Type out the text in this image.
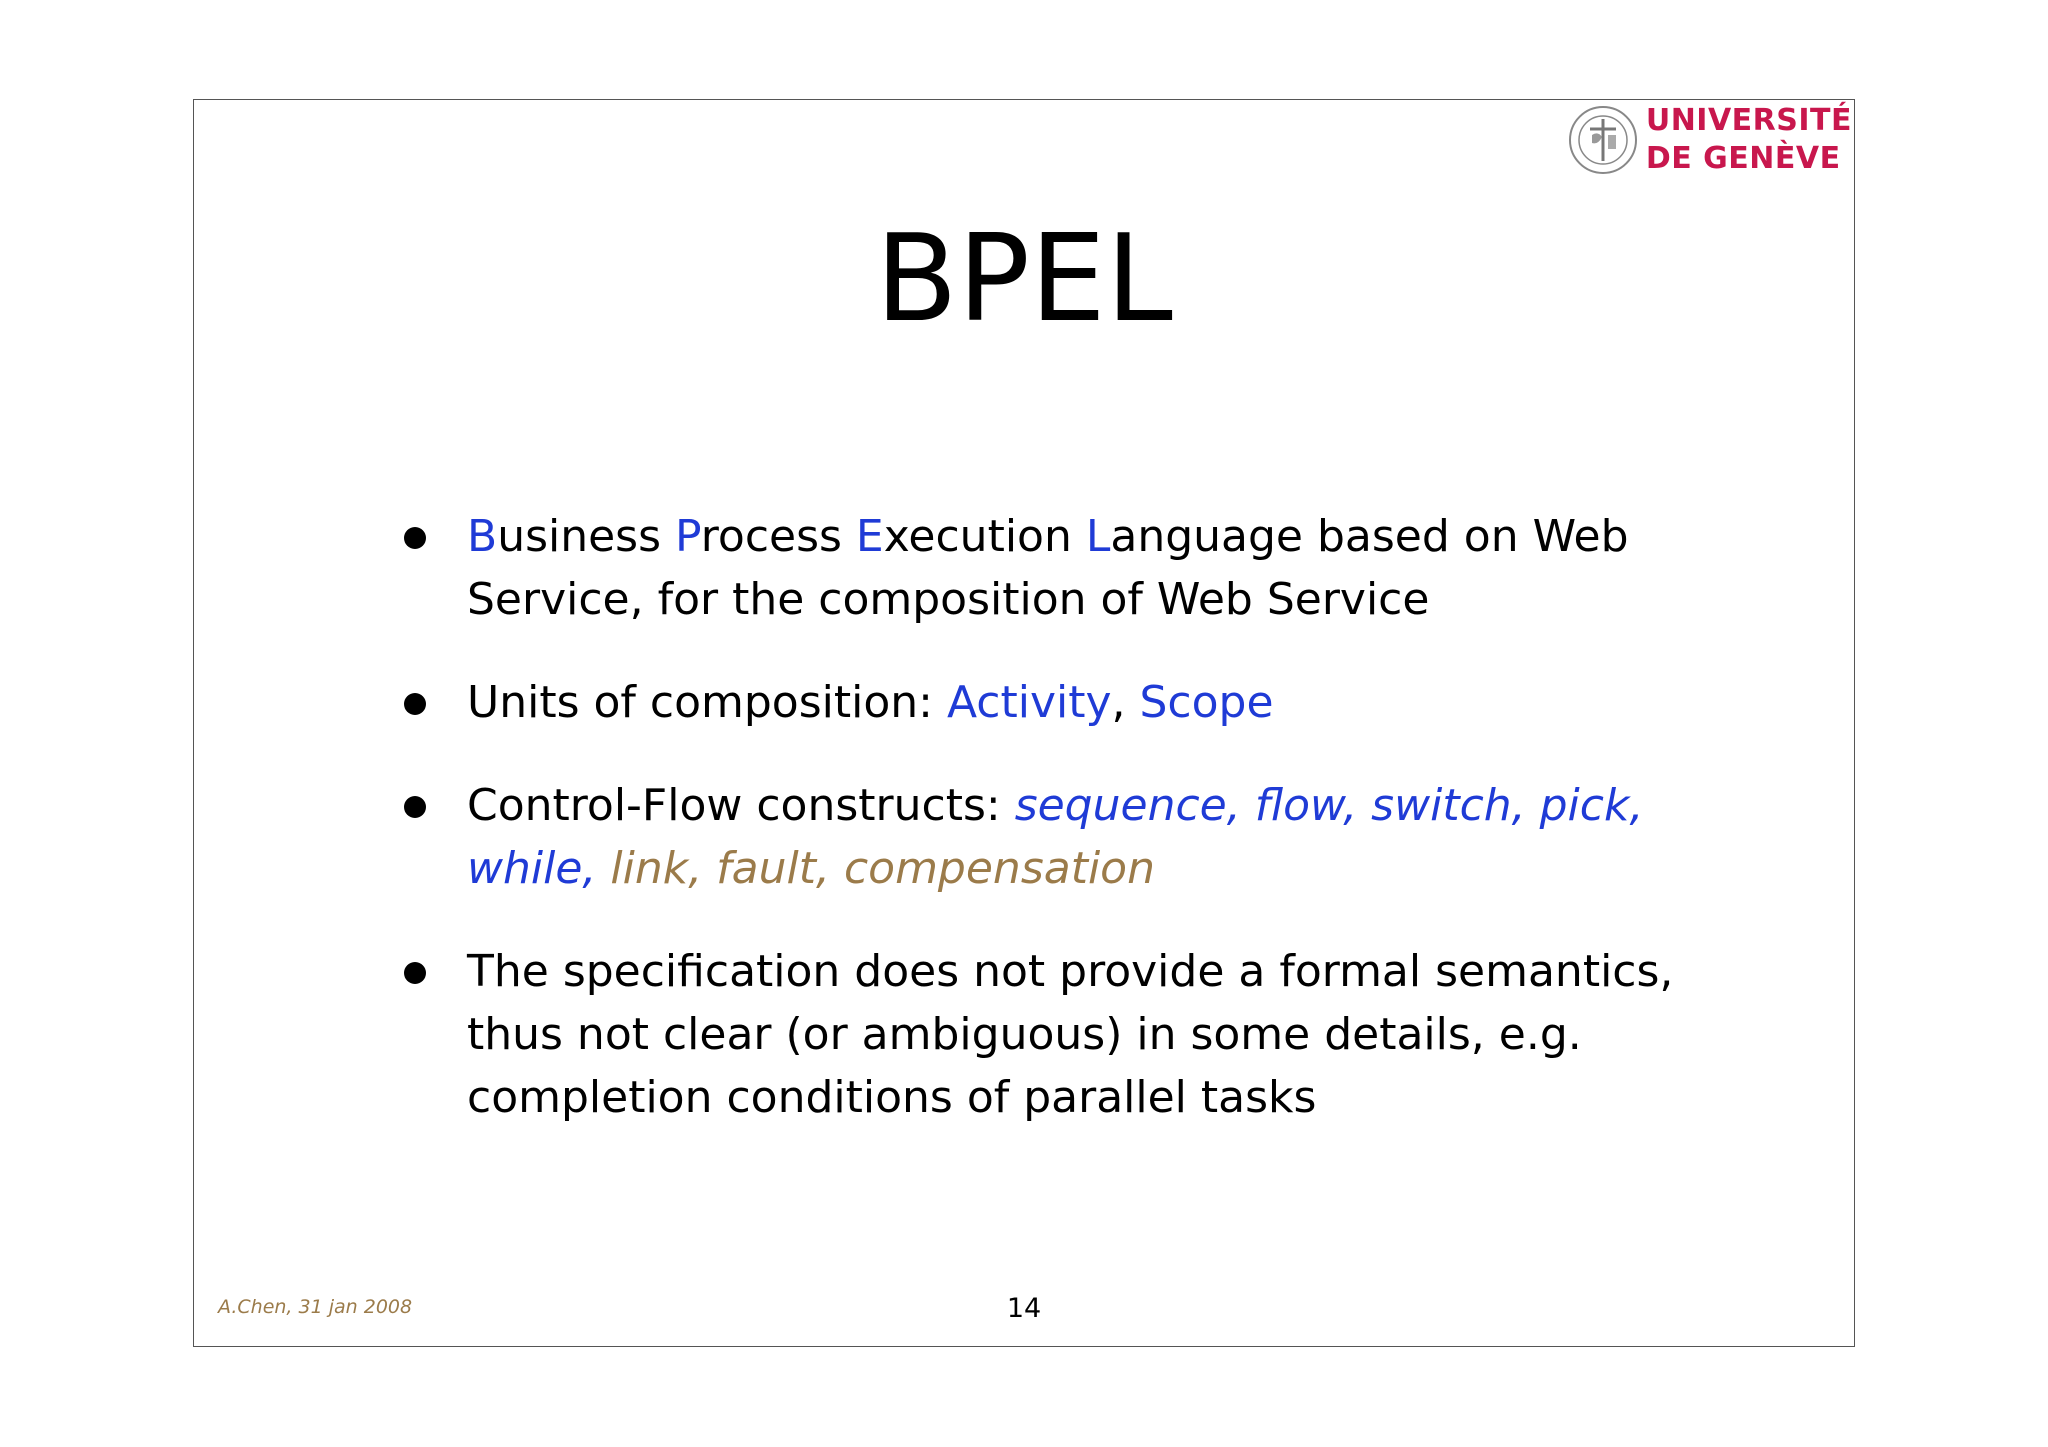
UNIVERSITÉ
DE GENÈVE
BPEL
Business Process Execution Language based on Web Service, for the composition of Web Service
Units of composition: Activity, Scope
Control-Flow constructs: sequence, flow, switch, pick, while, link, fault, compensation
The specification does not provide a formal semantics, thus not clear (or ambiguous) in some details, e.g. completion conditions of parallel tasks
A.Chen, 31 jan 2008	14
